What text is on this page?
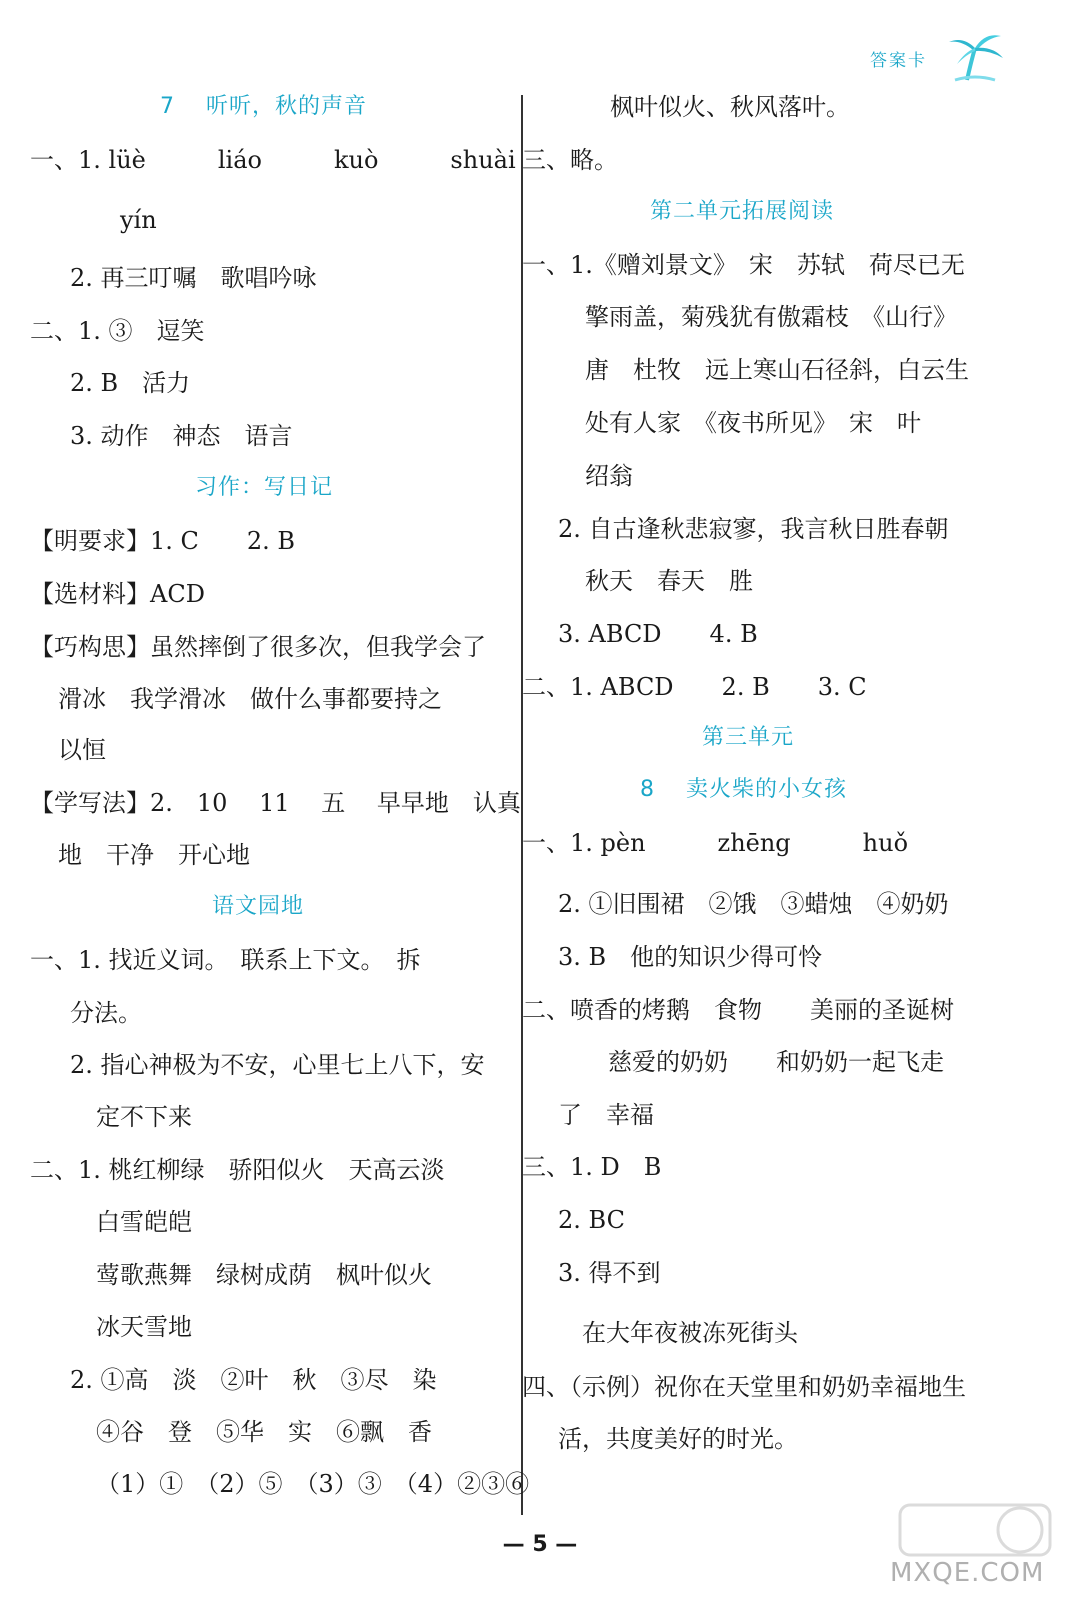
答案卡
7　 听听，秋的声音
一、1. lüè　　　liáo　　　kuò　　　shuài
yín
2. 再三叮嘱　歌唱吟咏
二、1. ③　逗笑
2. B　活力
3. 动作　神态　语言
习作：写日记
【明要求】1. C　　2. B
【选材料】ACD
【巧构思】虽然摔倒了很多次，但我学会了
滑冰　我学滑冰　做什么事都要持之
以恒
【学写法】2.　10　 11　 五　 早早地　认真
地　干净　开心地
语文园地
一、1. 找近义词。　联系上下文。　拆
分法。
2. 指心神极为不安，心里七上八下，安
定不下来
二、1. 桃红柳绿　骄阳似火　天高云淡
白雪皑皑
莺歌燕舞　绿树成荫　枫叶似火
冰天雪地
2. ①高　淡　②叶　秋　③尽　染
④谷　登　⑤华　实　⑥飘　香
（1）①　（2）⑤　（3）③　（4）②③⑥
枫叶似火、秋风落叶。
三、略。
第二单元拓展阅读
一、1.《赠刘景文》　宋　苏轼　荷尽已无
擎雨盖，菊残犹有傲霜枝　《山行》
唐　杜牧　远上寒山石径斜，白云生
处有人家　《夜书所见》　宋　叶
绍翁
2. 自古逢秋悲寂寥，我言秋日胜春朝
秋天　春天　胜
3. ABCD　　4. B
二、1. ABCD　　2. B　　3. C
第三单元
8　 卖火柴的小女孩
一、1. pèn　　　zhēng　　　huǒ
2. ①旧围裙　②饿　③蜡烛　④奶奶
3. B　他的知识少得可怜
二、喷香的烤鹅　食物　　美丽的圣诞树
慈爱的奶奶　　和奶奶一起飞走
了　幸福
三、1. D　B
2. BC
3. 得不到
在大年夜被冻死街头
四、（示例）祝你在天堂里和奶奶幸福地生
活，共度美好的时光。
— 5 —
MXQE.COM
